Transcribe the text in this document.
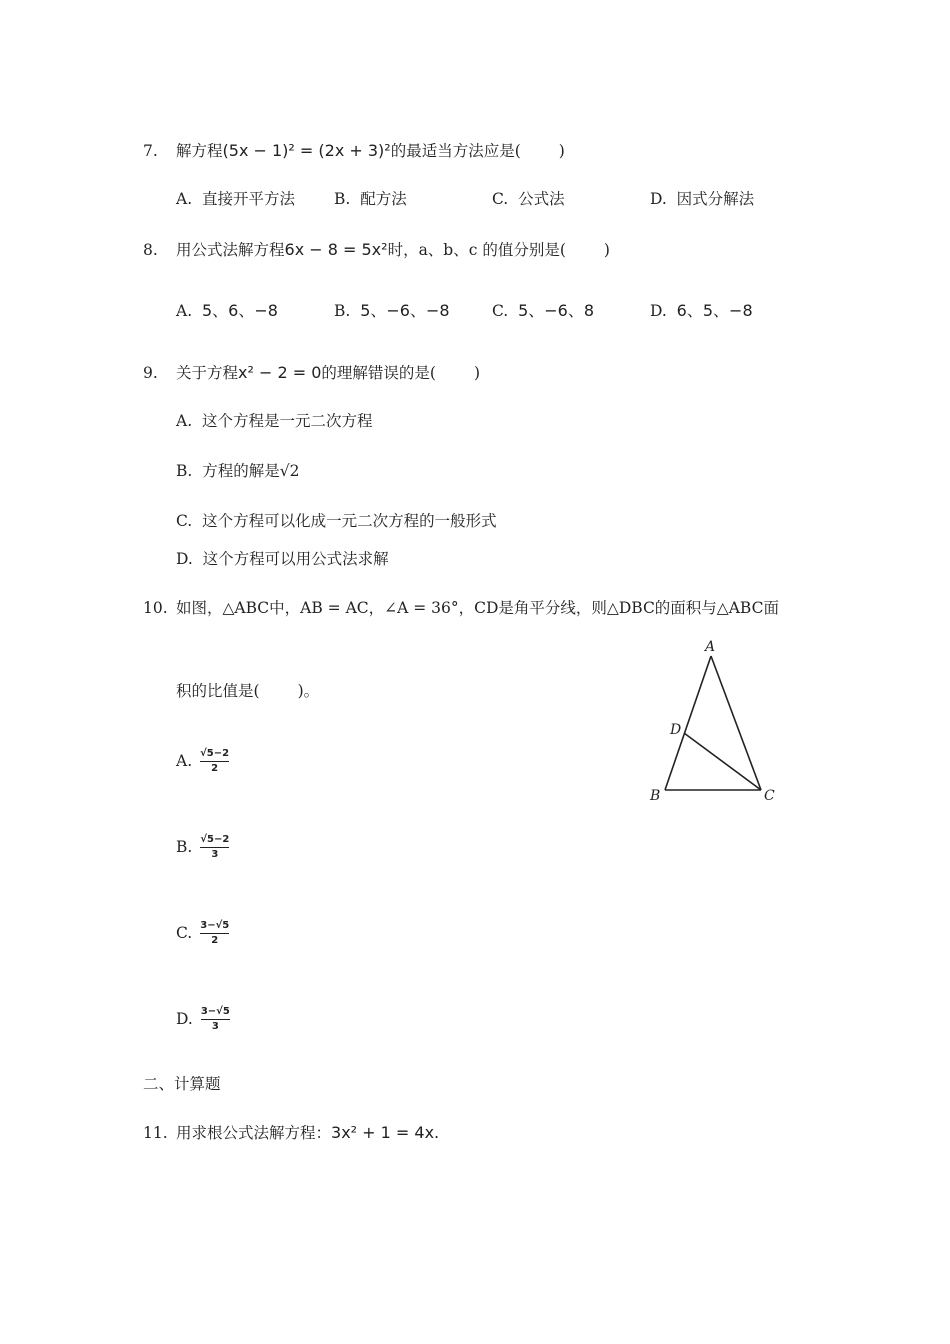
7. 解方程(5x − 1)² = (2x + 3)²的最适当方法应是( )
A. 直接开平方法	B. 配方法	C. 公式法	D. 因式分解法
8. 用公式法解方程6x − 8 = 5x²时，a、b、c 的值分别是( )
A. 5、6、−8	B. 5、−6、−8	C. 5、−6、8	D. 6、5、−8
9. 关于方程x² − 2 = 0的理解错误的是( )
A. 这个方程是一元二次方程
B. 方程的解是√2
C. 这个方程可以化成一元二次方程的一般形式
D. 这个方程可以用公式法求解
10. 如图，△ABC中，AB = AC，∠A = 36°，CD是角平分线，则△DBC的面积与△ABC面
积的比值是( )。
A. $\frac{√5-2}{2}$
B. $\frac{√5-2}{3}$
C. $\frac{3-√5}{2}$
D. $\frac{3-√5}{3}$
A
D
B	C
二、计算题
11. 用求根公式法解方程：3x² + 1 = 4x.
